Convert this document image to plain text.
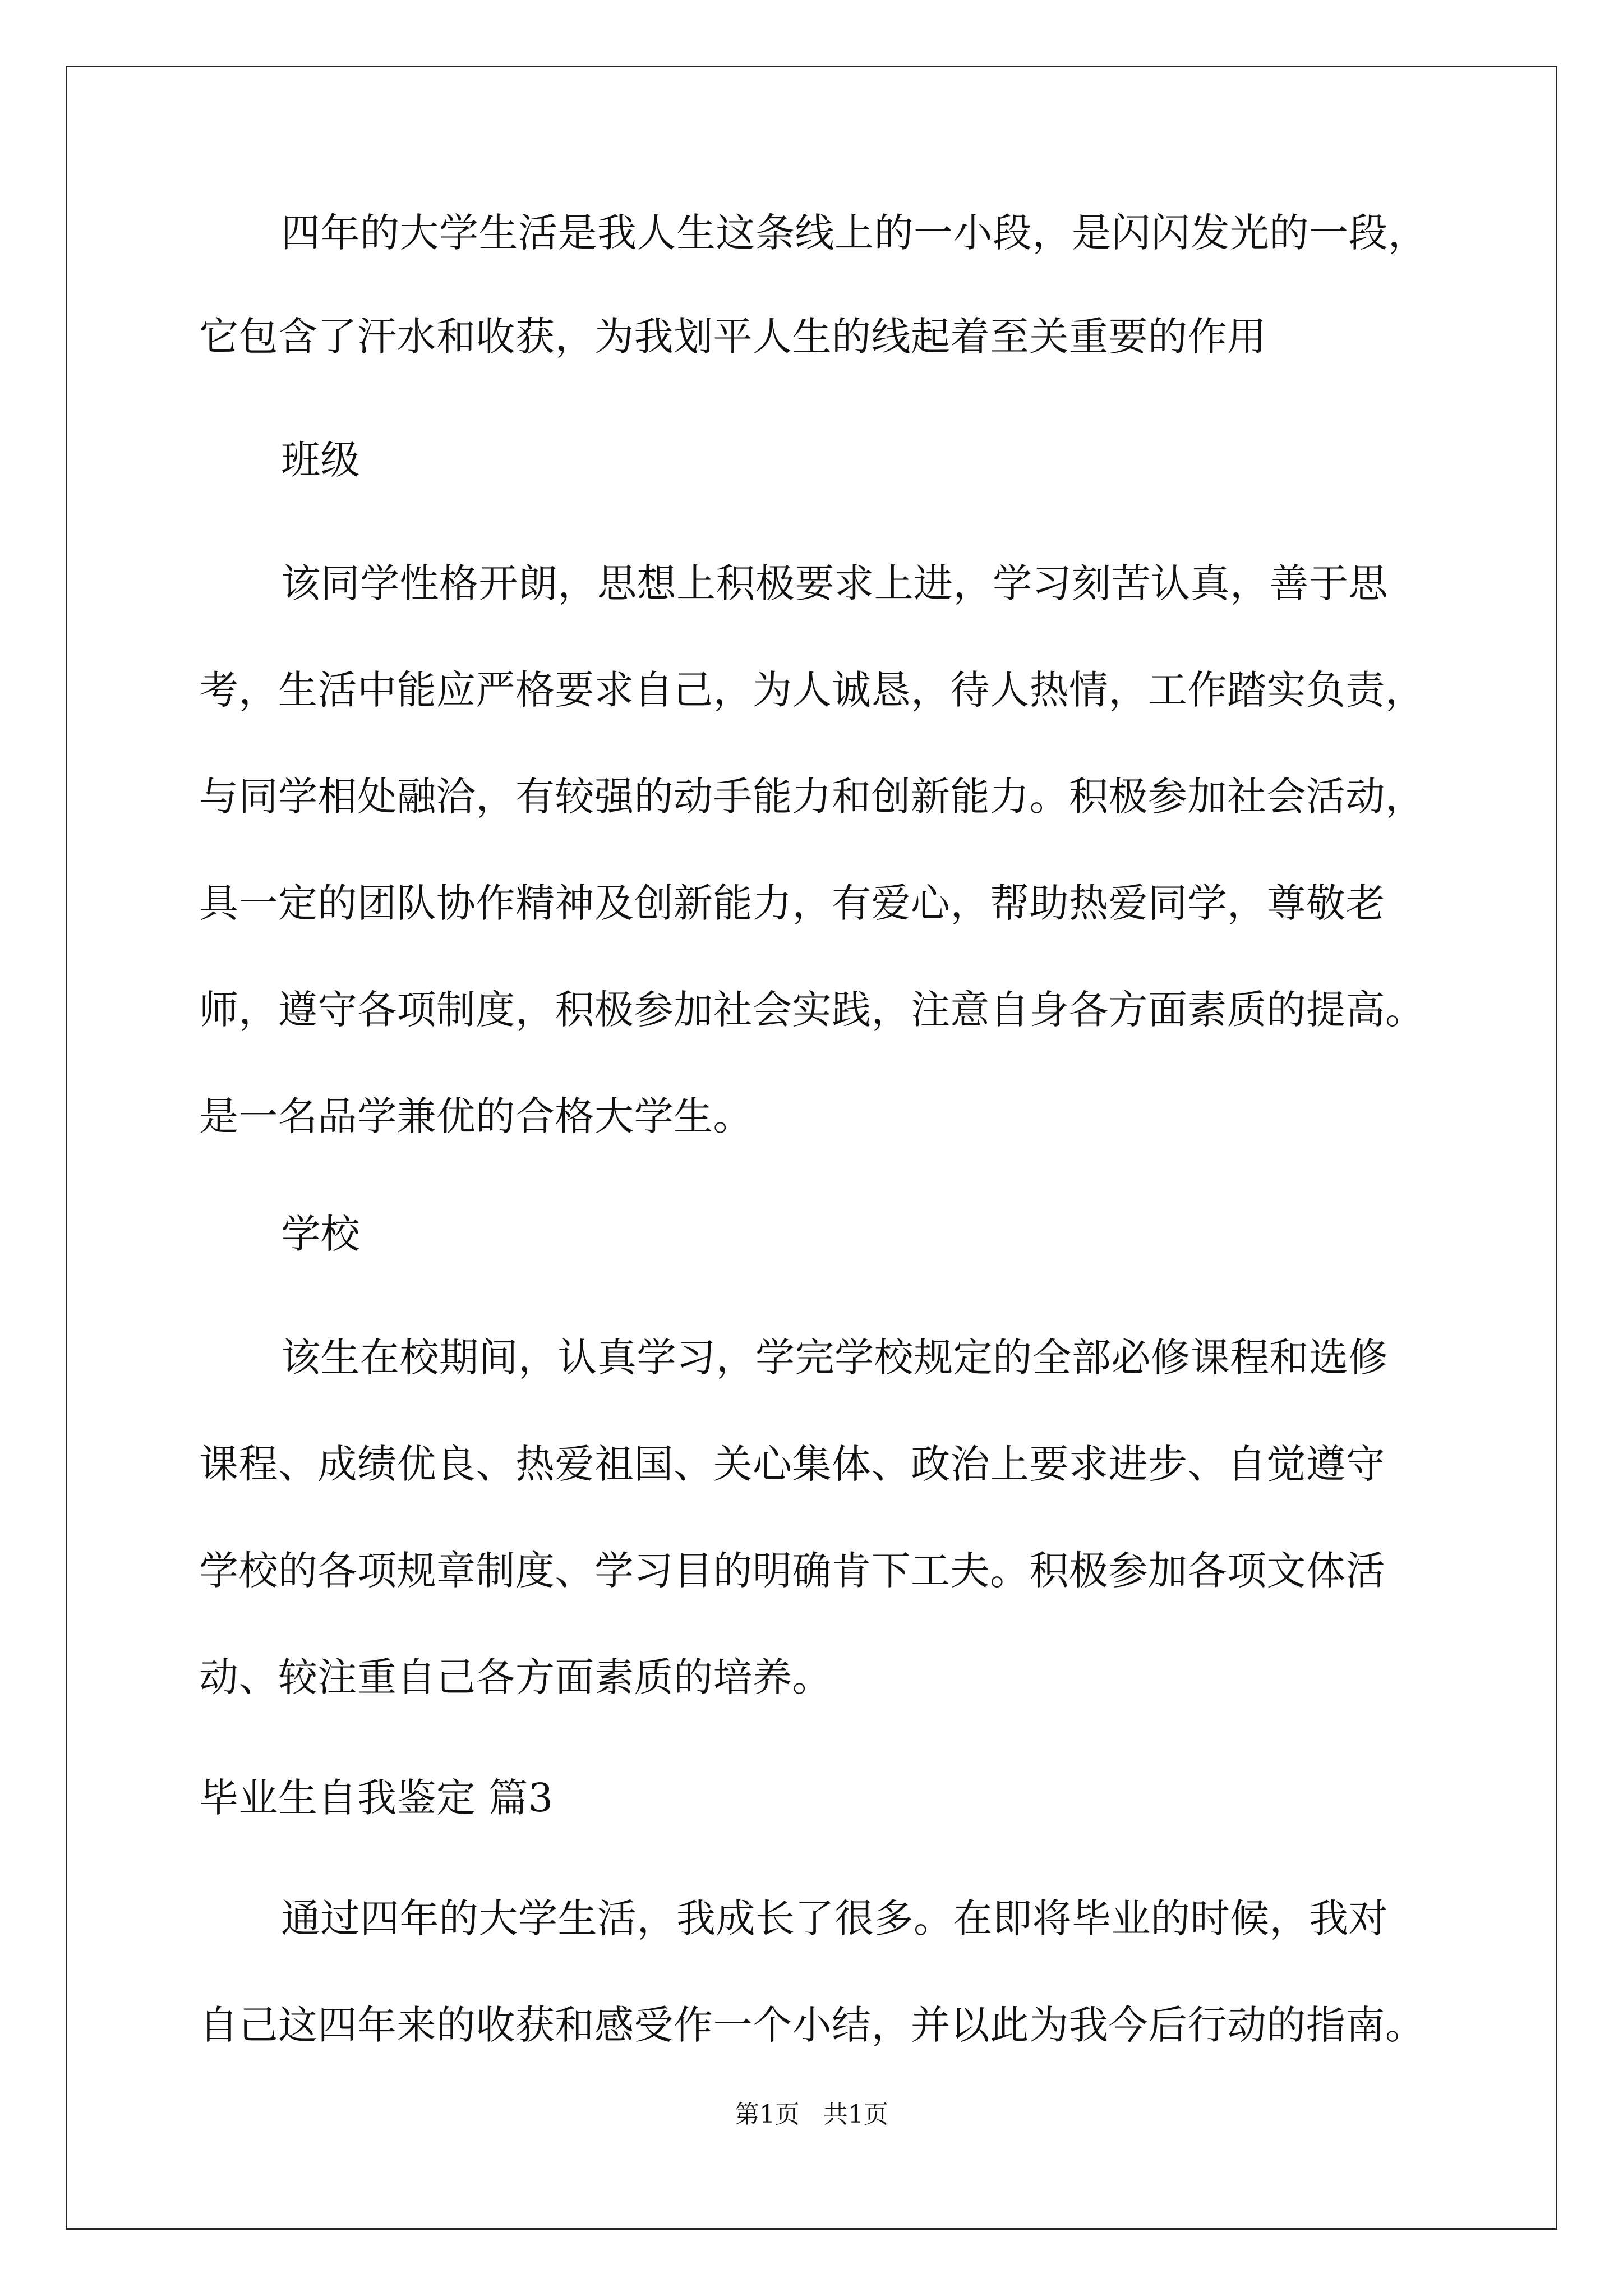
四年的大学生活是我人生这条线上的一小段，是闪闪发光的一段，
它包含了汗水和收获，为我划平人生的线起着至关重要的作用
班级
该同学性格开朗，思想上积极要求上进，学习刻苦认真，善于思
考，生活中能应严格要求自己，为人诚恳，待人热情，工作踏实负责，
与同学相处融洽，有较强的动手能力和创新能力。积极参加社会活动，
具一定的团队协作精神及创新能力，有爱心，帮助热爱同学，尊敬老
师，遵守各项制度，积极参加社会实践，注意自身各方面素质的提高。
是一名品学兼优的合格大学生。
学校
该生在校期间，认真学习，学完学校规定的全部必修课程和选修
课程、成绩优良、热爱祖国、关心集体、政治上要求进步、自觉遵守
学校的各项规章制度、学习目的明确肯下工夫。积极参加各项文体活
动、较注重自己各方面素质的培养。
毕业生自我鉴定 篇3
通过四年的大学生活，我成长了很多。在即将毕业的时候，我对
自己这四年来的收获和感受作一个小结，并以此为我今后行动的指南。
第1页   共1页
